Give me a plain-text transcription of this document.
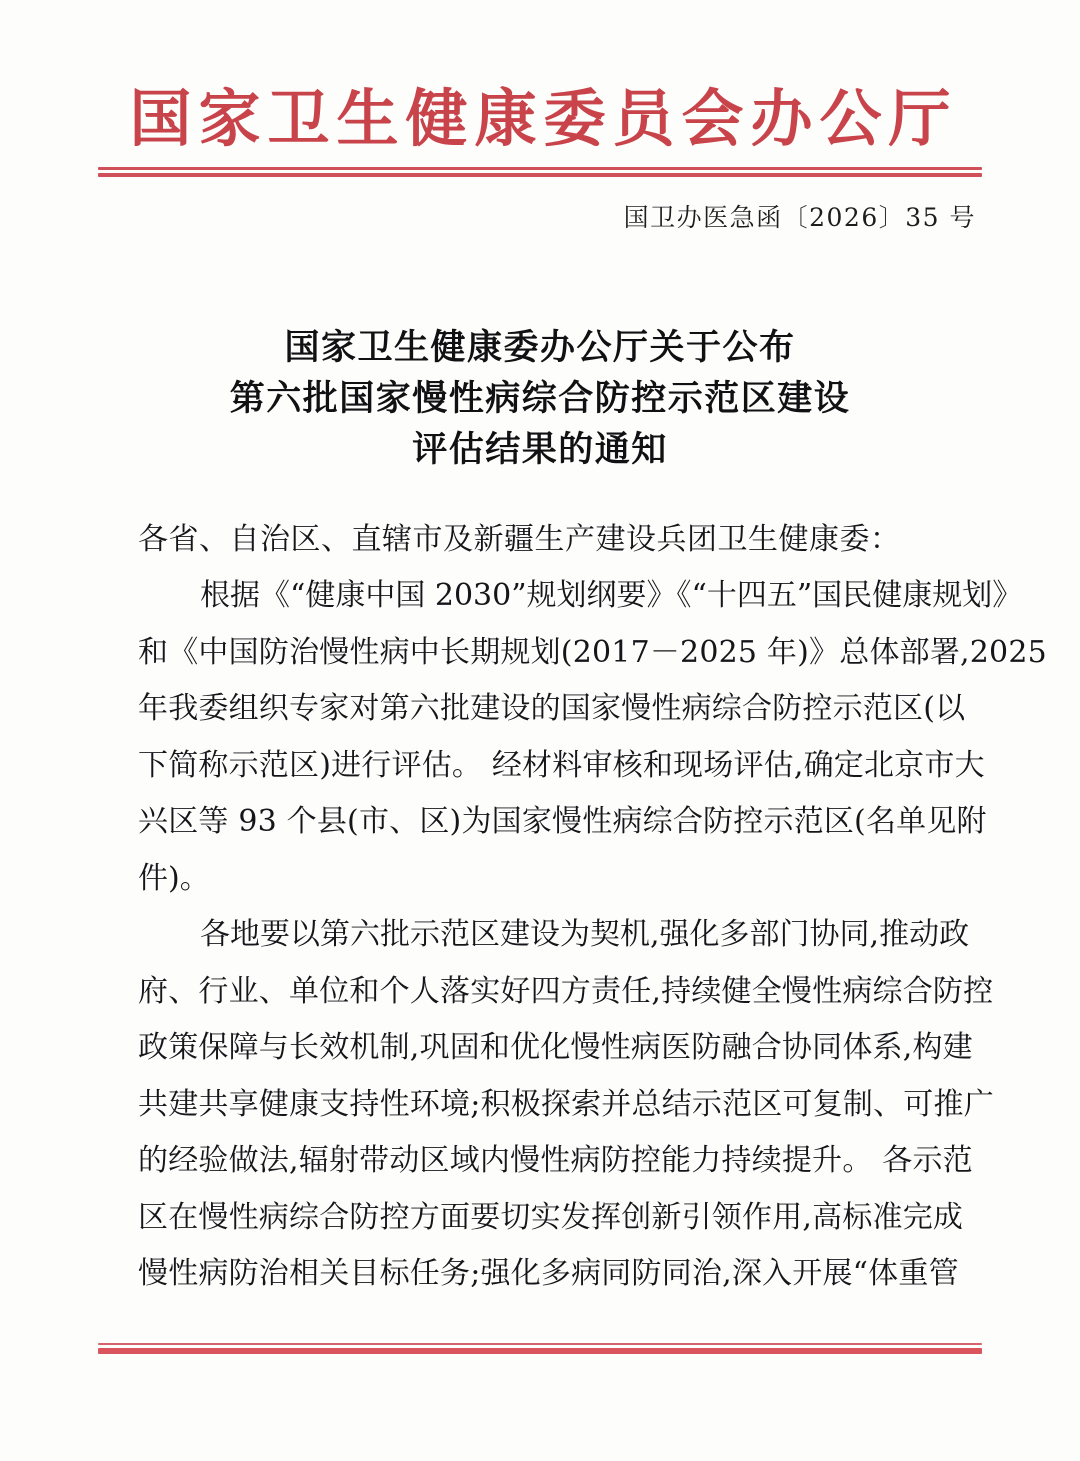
国家卫生健康委员会办公厅
国卫办医急函〔2026〕35 号
国家卫生健康委办公厅关于公布
第六批国家慢性病综合防控示范区建设
评估结果的通知
各省、自治区、直辖市及新疆生产建设兵团卫生健康委：

根据《“健康中国 2030”规划纲要》《“十四五”国民健康规划》
和《中国防治慢性病中长期规划(2017－2025 年)》总体部署,2025
年我委组织专家对第六批建设的国家慢性病综合防控示范区(以
下简称示范区)进行评估。 经材料审核和现场评估,确定北京市大
兴区等 93 个县(市、区)为国家慢性病综合防控示范区(名单见附
件)。

各地要以第六批示范区建设为契机,强化多部门协同,推动政
府、行业、单位和个人落实好四方责任,持续健全慢性病综合防控
政策保障与长效机制,巩固和优化慢性病医防融合协同体系,构建
共建共享健康支持性环境;积极探索并总结示范区可复制、可推广
的经验做法,辐射带动区域内慢性病防控能力持续提升。 各示范
区在慢性病综合防控方面要切实发挥创新引领作用,高标准完成
慢性病防治相关目标任务;强化多病同防同治,深入开展“体重管
